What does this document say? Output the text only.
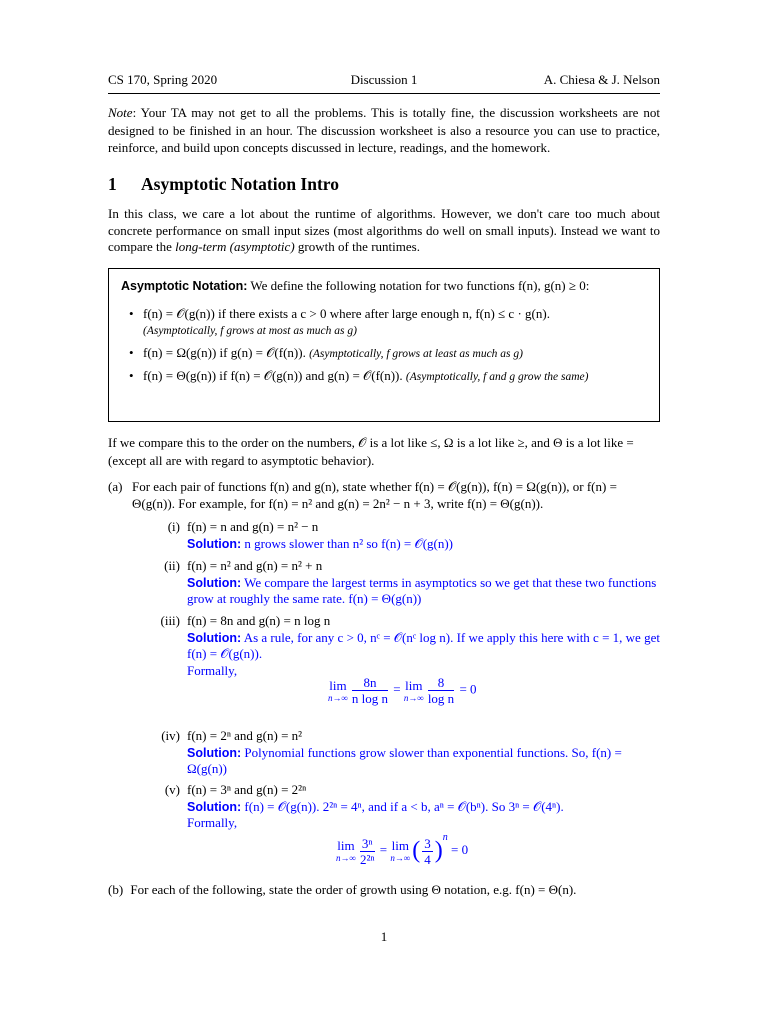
CS 170, Spring 2020	Discussion 1	A. Chiesa & J. Nelson
Note: Your TA may not get to all the problems. This is totally fine, the discussion worksheets are not designed to be finished in an hour. The discussion worksheet is also a resource you can use to practice, reinforce, and build upon concepts discussed in lecture, readings, and the homework.
1 Asymptotic Notation Intro
In this class, we care a lot about the runtime of algorithms. However, we don't care too much about concrete performance on small input sizes (most algorithms do well on small inputs). Instead we want to compare the long-term (asymptotic) growth of the runtimes.
Asymptotic Notation: We define the following notation for two functions f(n), g(n) ≥ 0:
• f(n) = 𝒪(g(n)) if there exists a c > 0 where after large enough n, f(n) ≤ c · g(n).
(Asymptotically, f grows at most as much as g)
• f(n) = Ω(g(n)) if g(n) = 𝒪(f(n)). (Asymptotically, f grows at least as much as g)
• f(n) = Θ(g(n)) if f(n) = 𝒪(g(n)) and g(n) = 𝒪(f(n)). (Asymptotically, f and g grow the same)
If we compare this to the order on the numbers, 𝒪 is a lot like ≤, Ω is a lot like ≥, and Θ is a lot like = (except all are with regard to asymptotic behavior).
(a) For each pair of functions f(n) and g(n), state whether f(n) = 𝒪(g(n)), f(n) = Ω(g(n)), or f(n) = Θ(g(n)). For example, for f(n) = n² and g(n) = 2n² − n + 3, write f(n) = Θ(g(n)).
(i) f(n) = n and g(n) = n² − n
Solution: n grows slower than n² so f(n) = 𝒪(g(n))
(ii) f(n) = n² and g(n) = n² + n
Solution: We compare the largest terms in asymptotics so we get that these two functions grow at roughly the same rate. f(n) = Θ(g(n))
(iii) f(n) = 8n and g(n) = n log n
Solution: As a rule, for any c > 0, nᶜ = 𝒪(nᶜ log n). If we apply this here with c = 1, we get f(n) = 𝒪(g(n)).
Formally,
lim
$n\to\infty \frac{8n}{\text{n log n}} = \lim$
$n\to\infty \frac{8}{\text{log n}} = 0$
(iv) f(n) = 2ⁿ and g(n) = n²
Solution: Polynomial functions grow slower than exponential functions. So, f(n) = Ω(g(n))
(v) f(n) = 3ⁿ and g(n) = 2²ⁿ
Solution: f(n) = 𝒪(g(n)). 2²ⁿ = 4ⁿ, and if a < b, aⁿ = 𝒪(bⁿ). So 3ⁿ = 𝒪(4ⁿ).
Formally,
lim
$n\to\infty \frac{\text{3ⁿ}}{\text{2²ⁿ}} = \lim$
n→∞ ( $\frac{3}{4} )^n = 0$
(b) For each of the following, state the order of growth using Θ notation, e.g. f(n) = Θ(n).
1
